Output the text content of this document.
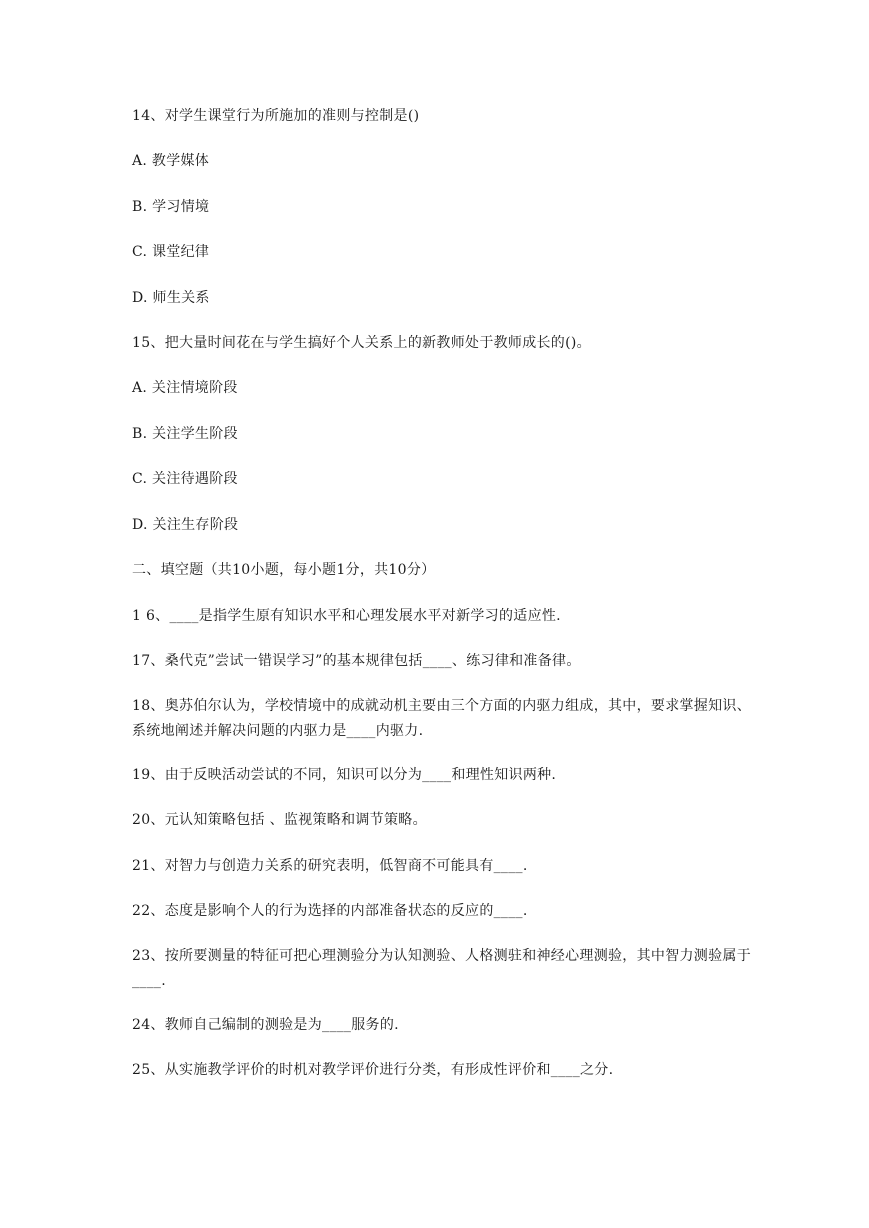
14、对学生课堂行为所施加的准则与控制是()
A. 教学媒体
B. 学习情境
C. 课堂纪律
D. 师生关系
15、把大量时间花在与学生搞好个人关系上的新教师处于教师成长的()。
A. 关注情境阶段
B. 关注学生阶段
C. 关注待遇阶段
D. 关注生存阶段
二、填空题（共10小题，每小题1分，共10分）
1 6、____是指学生原有知识水平和心理发展水平对新学习的适应性.
17、桑代克”尝试一错误学习”的基本规律包括____、练习律和准备律。
18、奥苏伯尔认为，学校情境中的成就动机主要由三个方面的内驱力组成，其中，要求掌握知识、系统地阐述并解决问题的内驱力是____内驱力.
19、由于反映活动尝试的不同，知识可以分为____和理性知识两种.
20、元认知策略包括 、监视策略和调节策略。
21、对智力与创造力关系的研究表明，低智商不可能具有____.
22、态度是影响个人的行为选择的内部准备状态的反应的____.
23、按所要测量的特征可把心理测验分为认知测验、人格测驻和神经心理测验，其中智力测验属于____.
24、教师自己编制的测验是为____服务的.
25、从实施教学评价的时机对教学评价进行分类，有形成性评价和____之分.
